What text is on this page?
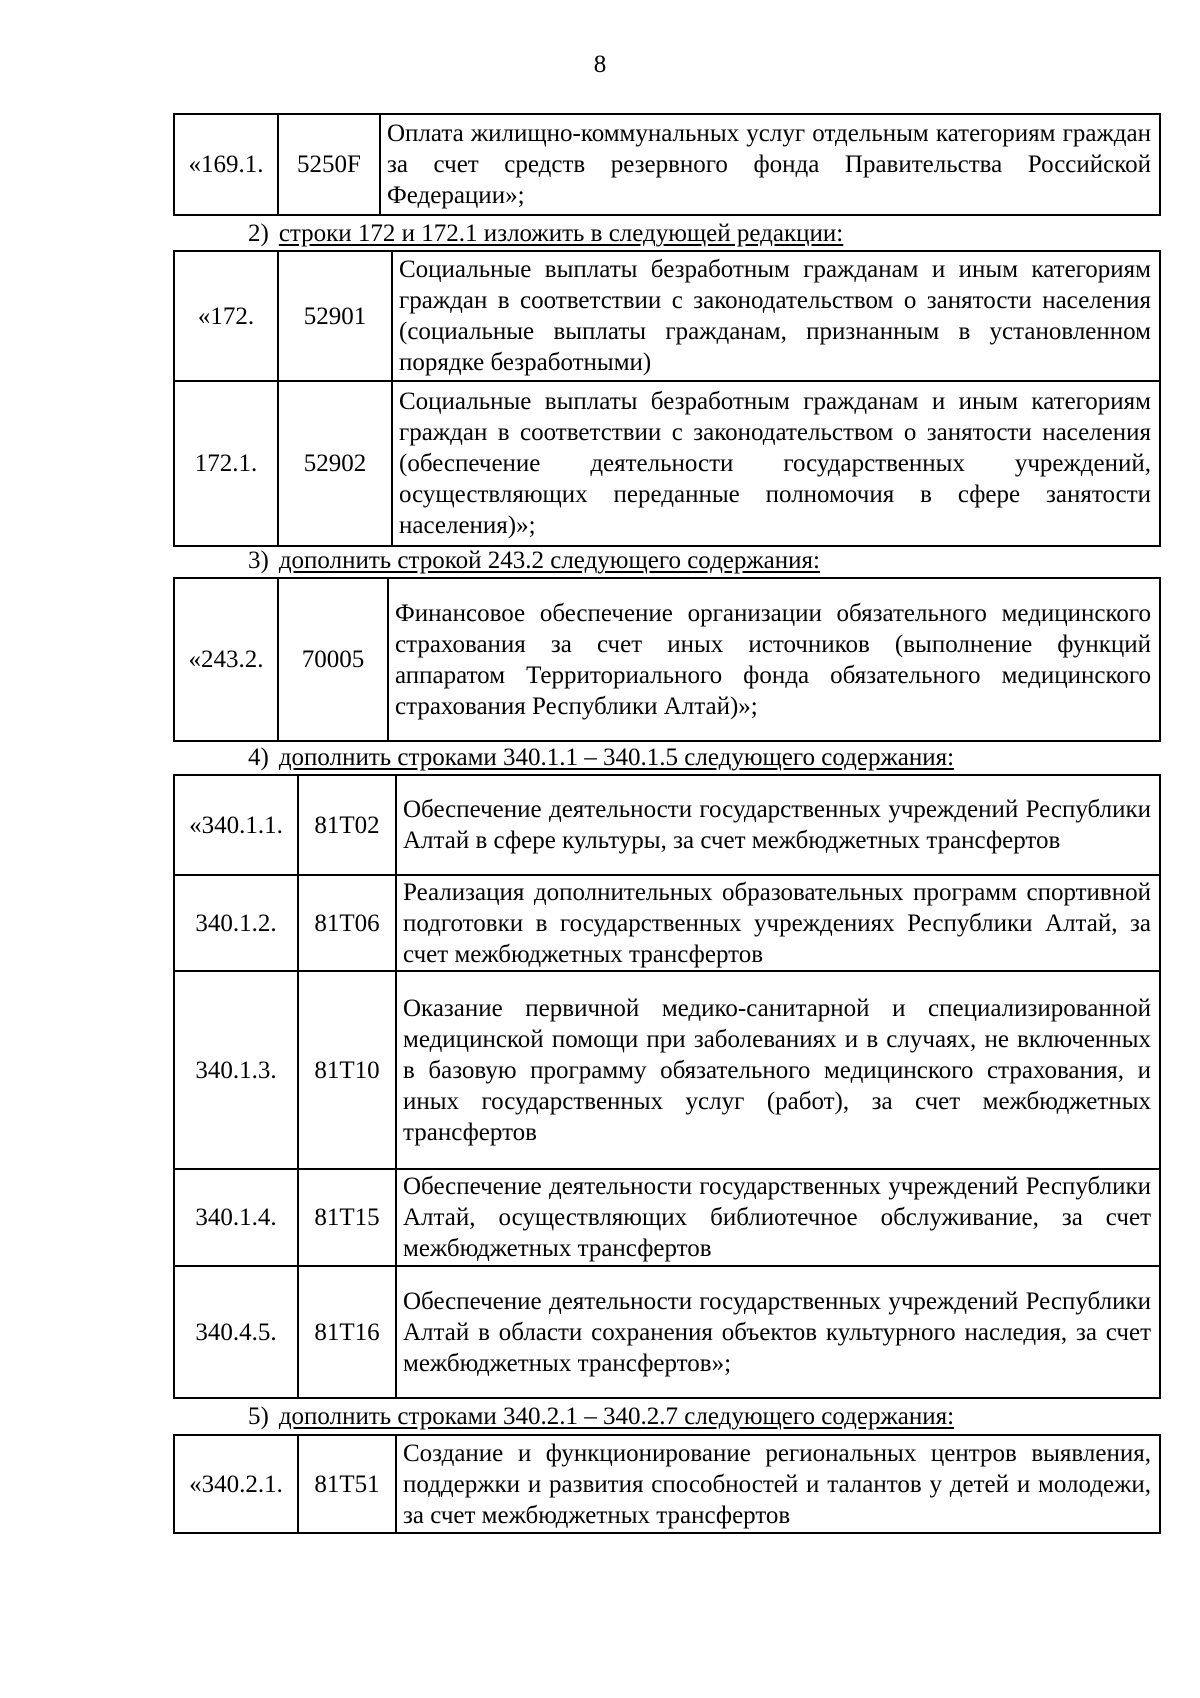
8
«169.1.	5250F	Оплата жилищно-коммунальных услуг отдельным категориям граждан за счет средств резервного фонда Правительства Российской Федерации»;
2) строки 172 и 172.1 изложить в следующей редакции:
«172.	52901	Социальные выплаты безработным гражданам и иным категориям граждан в соответствии с законодательством о занятости населения (социальные выплаты гражданам, признанным в установленном порядке безработными)
172.1.	52902	Социальные выплаты безработным гражданам и иным категориям граждан в соответствии с законодательством о занятости населения (обеспечение деятельности государственных учреждений, осуществляющих переданные полномочия в сфере занятости населения)»;
3) дополнить строкой 243.2 следующего содержания:
«243.2.	70005	Финансовое обеспечение организации обязательного медицинского страхования за счет иных источников (выполнение функций аппаратом Территориального фонда обязательного медицинского страхования Республики Алтай)»;
4) дополнить строками 340.1.1 – 340.1.5 следующего содержания:
«340.1.1.	81Т02	Обеспечение деятельности государственных учреждений Республики Алтай в сфере культуры, за счет межбюджетных трансфертов
340.1.2.	81Т06	Реализация дополнительных образовательных программ спортивной подготовки в государственных учреждениях Республики Алтай, за счет межбюджетных трансфертов
340.1.3.	81Т10	Оказание первичной медико-санитарной и специализированной медицинской помощи при заболеваниях и в случаях, не включенных в базовую программу обязательного медицинского страхования, и иных государственных услуг (работ), за счет межбюджетных трансфертов
340.1.4.	81Т15	Обеспечение деятельности государственных учреждений Республики Алтай, осуществляющих библиотечное обслуживание, за счет межбюджетных трансфертов
340.4.5.	81Т16	Обеспечение деятельности государственных учреждений Республики Алтай в области сохранения объектов культурного наследия, за счет межбюджетных трансфертов»;
5) дополнить строками 340.2.1 – 340.2.7 следующего содержания:
«340.2.1.	81Т51	Создание и функционирование региональных центров выявления, поддержки и развития способностей и талантов у детей и молодежи, за счет межбюджетных трансфертов
